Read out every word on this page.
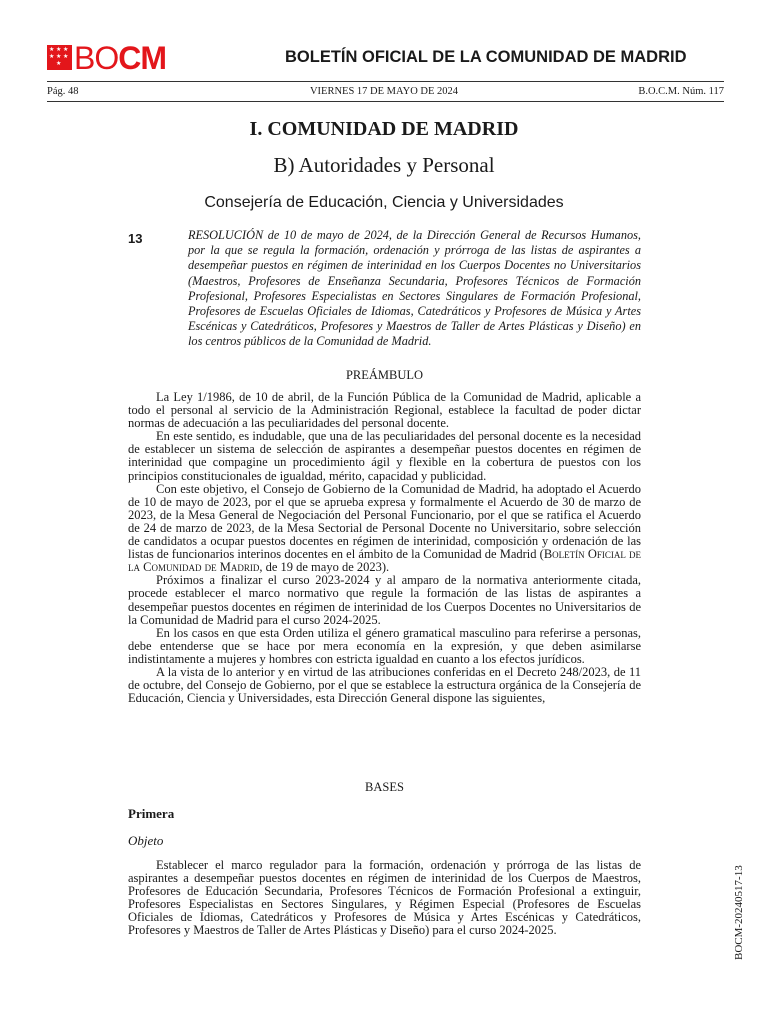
★ ★ ★
★ ★ ★
★ BOCM	BOLETÍN OFICIAL DE LA COMUNIDAD DE MADRID
Pág. 48	VIERNES 17 DE MAYO DE 2024	B.O.C.M. Núm. 117
I. COMUNIDAD DE MADRID
B) Autoridades y Personal
Consejería de Educación, Ciencia y Universidades
13	RESOLUCIÓN de 10 de mayo de 2024, de la Dirección General de Recursos Humanos, por la que se regula la formación, ordenación y prórroga de las listas de aspirantes a desempeñar puestos en régimen de interinidad en los Cuerpos Docentes no Universitarios (Maestros, Profesores de Enseñanza Secundaria, Profesores Técnicos de Formación Profesional, Profesores Especialistas en Sectores Singulares de Formación Profesional, Profesores de Escuelas Oficiales de Idiomas, Catedráticos y Profesores de Música y Artes Escénicas y Catedráticos, Profesores y Maestros de Taller de Artes Plásticas y Diseño) en los centros públicos de la Comunidad de Madrid.
PREÁMBULO

La Ley 1/1986, de 10 de abril, de la Función Pública de la Comunidad de Madrid, aplicable a todo el personal al servicio de la Administración Regional, establece la facultad de poder dictar normas de adecuación a las peculiaridades del personal docente.

En este sentido, es indudable, que una de las peculiaridades del personal docente es la necesidad de establecer un sistema de selección de aspirantes a desempeñar puestos docentes en régimen de interinidad que compagine un procedimiento ágil y flexible en la cobertura de puestos con los principios constitucionales de igualdad, mérito, capacidad y publicidad.

Con este objetivo, el Consejo de Gobierno de la Comunidad de Madrid, ha adoptado el Acuerdo de 10 de mayo de 2023, por el que se aprueba expresa y formalmente el Acuerdo de 30 de marzo de 2023, de la Mesa General de Negociación del Personal Funcionario, por el que se ratifica el Acuerdo de 24 de marzo de 2023, de la Mesa Sectorial de Personal Docente no Universitario, sobre selección de candidatos a ocupar puestos docentes en régimen de interinidad, composición y ordenación de las listas de funcionarios interinos docentes en el ámbito de la Comunidad de Madrid (Boletín Oficial de la Comunidad de Madrid, de 19 de mayo de 2023).

Próximos a finalizar el curso 2023-2024 y al amparo de la normativa anteriormente citada, procede establecer el marco normativo que regule la formación de las listas de aspirantes a desempeñar puestos docentes en régimen de interinidad de los Cuerpos Docentes no Universitarios de la Comunidad de Madrid para el curso 2024-2025.

En los casos en que esta Orden utiliza el género gramatical masculino para referirse a personas, debe entenderse que se hace por mera economía en la expresión, y que deben asimilarse indistintamente a mujeres y hombres con estricta igualdad en cuanto a los efectos jurídicos.

A la vista de lo anterior y en virtud de las atribuciones conferidas en el Decreto 248/2023, de 11 de octubre, del Consejo de Gobierno, por el que se establece la estructura orgánica de la Consejería de Educación, Ciencia y Universidades, esta Dirección General dispone las siguientes,

BASES
Primera
Objeto

Establecer el marco regulador para la formación, ordenación y prórroga de las listas de aspirantes a desempeñar puestos docentes en régimen de interinidad de los Cuerpos de Maestros, Profesores de Educación Secundaria, Profesores Técnicos de Formación Profesional a extinguir, Profesores Especialistas en Sectores Singulares, y Régimen Especial (Profesores de Escuelas Oficiales de Idiomas, Catedráticos y Profesores de Música y Artes Escénicas y Catedráticos, Profesores y Maestros de Taller de Artes Plásticas y Diseño) para el curso 2024-2025.	BOCM-20240517-13
